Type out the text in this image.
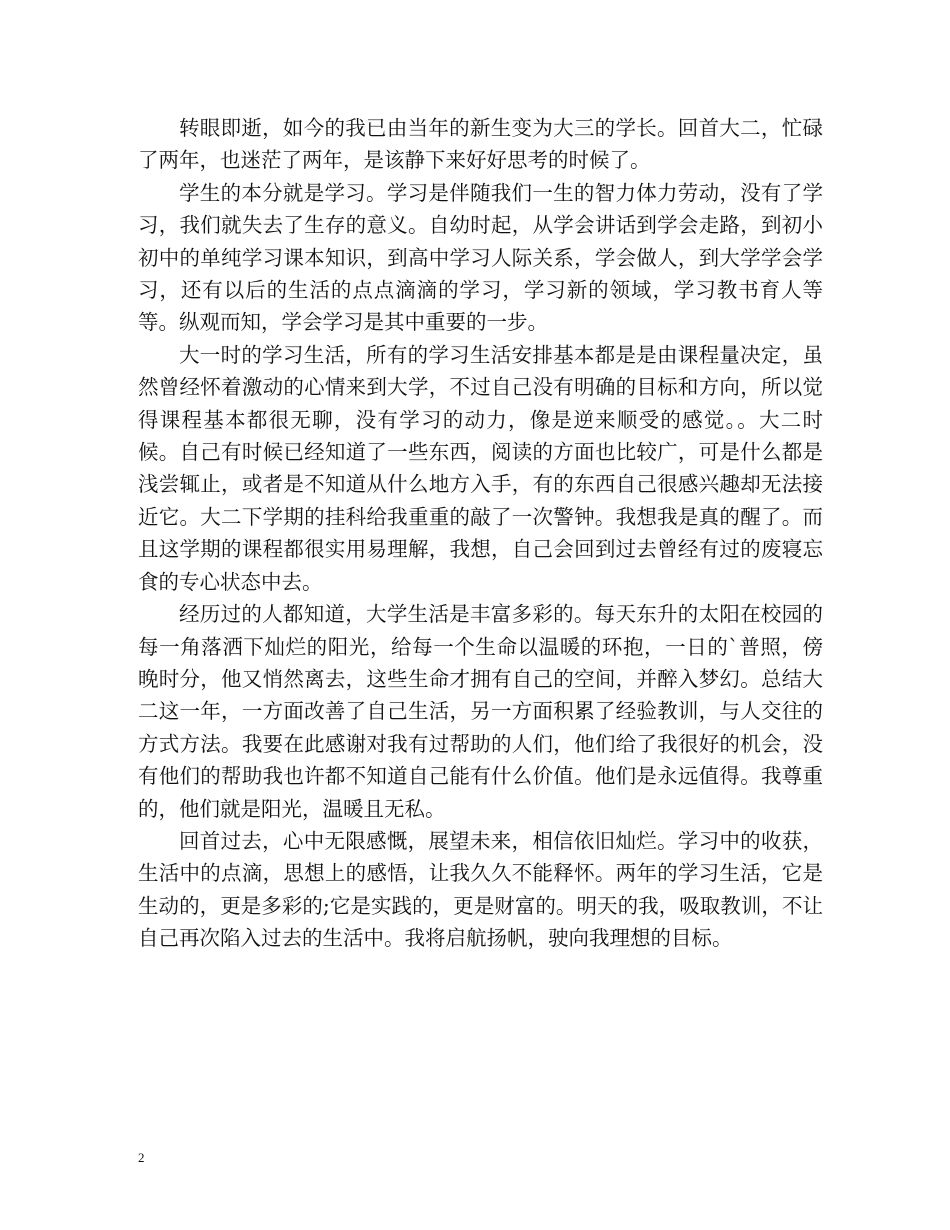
转眼即逝，如今的我已由当年的新生变为大三的学长。回首大二，忙碌了两年，也迷茫了两年，是该静下来好好思考的时候了。

学生的本分就是学习。学习是伴随我们一生的智力体力劳动，没有了学习，我们就失去了生存的意义。自幼时起，从学会讲话到学会走路，到初小初中的单纯学习课本知识，到高中学习人际关系，学会做人，到大学学会学习，还有以后的生活的点点滴滴的学习，学习新的领域，学习教书育人等等。纵观而知，学会学习是其中重要的一步。

大一时的学习生活，所有的学习生活安排基本都是是由课程量决定，虽然曾经怀着激动的心情来到大学，不过自己没有明确的目标和方向，所以觉得课程基本都很无聊，没有学习的动力，像是逆来顺受的感觉。。大二时候。自己有时候已经知道了一些东西，阅读的方面也比较广，可是什么都是浅尝辄止，或者是不知道从什么地方入手，有的东西自己很感兴趣却无法接近它。大二下学期的挂科给我重重的敲了一次警钟。我想我是真的醒了。而且这学期的课程都很实用易理解，我想，自己会回到过去曾经有过的废寝忘食的专心状态中去。

经历过的人都知道，大学生活是丰富多彩的。每天东升的太阳在校园的每一角落洒下灿烂的阳光，给每一个生命以温暖的环抱，一日的`普照，傍晚时分，他又悄然离去，这些生命才拥有自己的空间，并醉入梦幻。总结大二这一年，一方面改善了自己生活，另一方面积累了经验教训，与人交往的方式方法。我要在此感谢对我有过帮助的人们，他们给了我很好的机会，没有他们的帮助我也许都不知道自己能有什么价值。他们是永远值得。我尊重的，他们就是阳光，温暖且无私。

回首过去，心中无限感慨，展望未来，相信依旧灿烂。学习中的收获，生活中的点滴，思想上的感悟，让我久久不能释怀。两年的学习生活，它是生动的，更是多彩的;它是实践的，更是财富的。明天的我，吸取教训，不让自己再次陷入过去的生活中。我将启航扬帆，驶向我理想的目标。

2
